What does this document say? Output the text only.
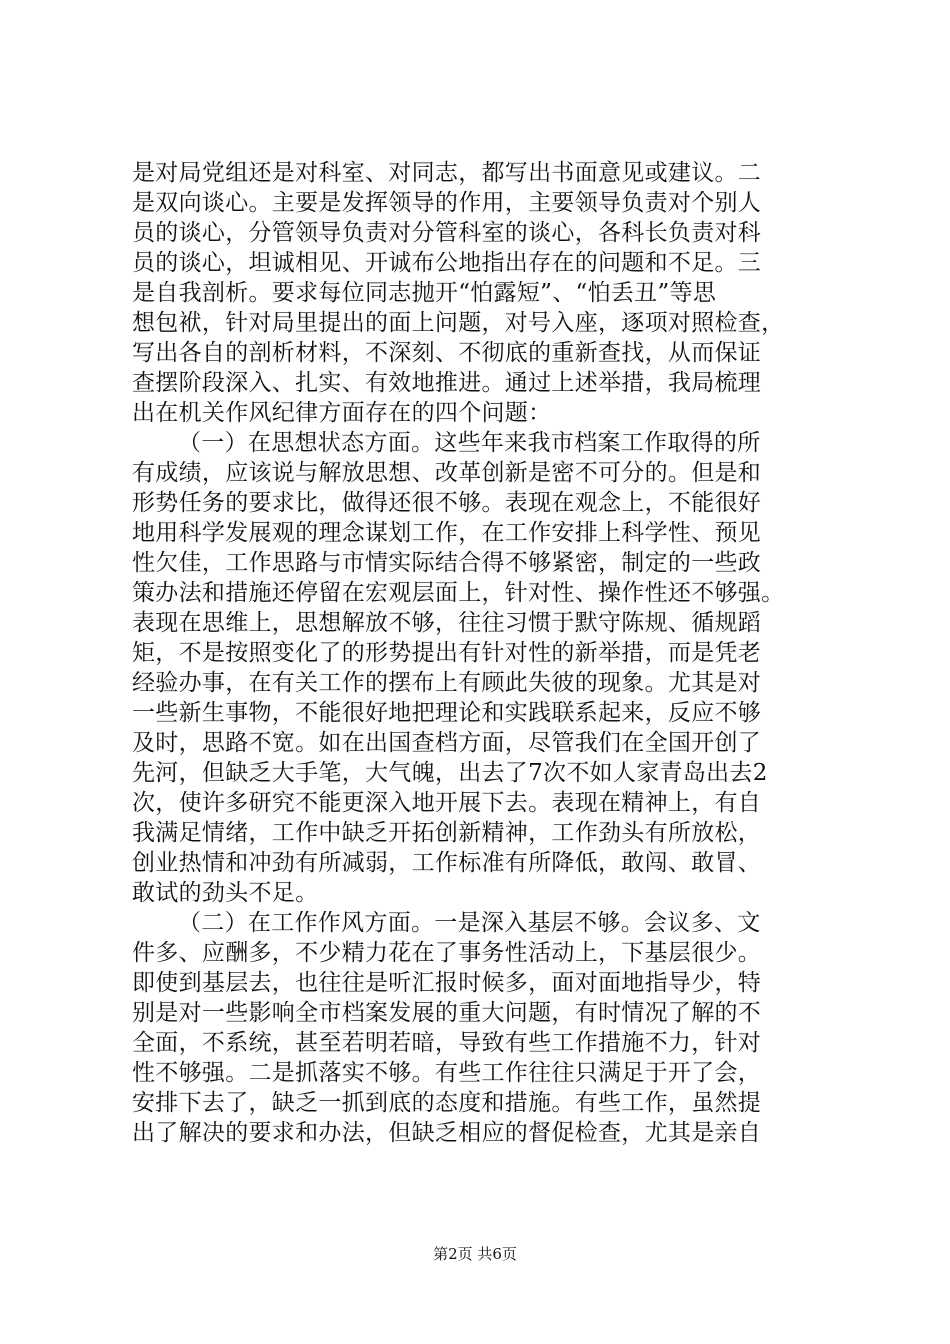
是对局党组还是对科室、对同志，都写出书面意见或建议。二
是双向谈心。主要是发挥领导的作用，主要领导负责对个别人
员的谈心，分管领导负责对分管科室的谈心，各科长负责对科
员的谈心，坦诚相见、开诚布公地指出存在的问题和不足。三
是自我剖析。要求每位同志抛开“怕露短”、“怕丢丑”等思
想包袱，针对局里提出的面上问题，对号入座，逐项对照检查，
写出各自的剖析材料，不深刻、不彻底的重新查找，从而保证
查摆阶段深入、扎实、有效地推进。通过上述举措，我局梳理
出在机关作风纪律方面存在的四个问题：
（一）在思想状态方面。这些年来我市档案工作取得的所
有成绩，应该说与解放思想、改革创新是密不可分的。但是和
形势任务的要求比，做得还很不够。表现在观念上，不能很好
地用科学发展观的理念谋划工作，在工作安排上科学性、预见
性欠佳，工作思路与市情实际结合得不够紧密，制定的一些政
策办法和措施还停留在宏观层面上，针对性、操作性还不够强。
表现在思维上，思想解放不够，往往习惯于默守陈规、循规蹈
矩，不是按照变化了的形势提出有针对性的新举措，而是凭老
经验办事，在有关工作的摆布上有顾此失彼的现象。尤其是对
一些新生事物，不能很好地把理论和实践联系起来，反应不够
及时，思路不宽。如在出国查档方面，尽管我们在全国开创了
先河，但缺乏大手笔，大气魄，出去了7次不如人家青岛出去2
次，使许多研究不能更深入地开展下去。表现在精神上，有自
我满足情绪，工作中缺乏开拓创新精神，工作劲头有所放松，
创业热情和冲劲有所减弱，工作标准有所降低，敢闯、敢冒、
敢试的劲头不足。
（二）在工作作风方面。一是深入基层不够。会议多、文
件多、应酬多，不少精力花在了事务性活动上，下基层很少。
即使到基层去，也往往是听汇报时候多，面对面地指导少，特
别是对一些影响全市档案发展的重大问题，有时情况了解的不
全面，不系统，甚至若明若暗，导致有些工作措施不力，针对
性不够强。二是抓落实不够。有些工作往往只满足于开了会，
安排下去了，缺乏一抓到底的态度和措施。有些工作，虽然提
出了解决的要求和办法，但缺乏相应的督促检查，尤其是亲自
第2页 共6页
